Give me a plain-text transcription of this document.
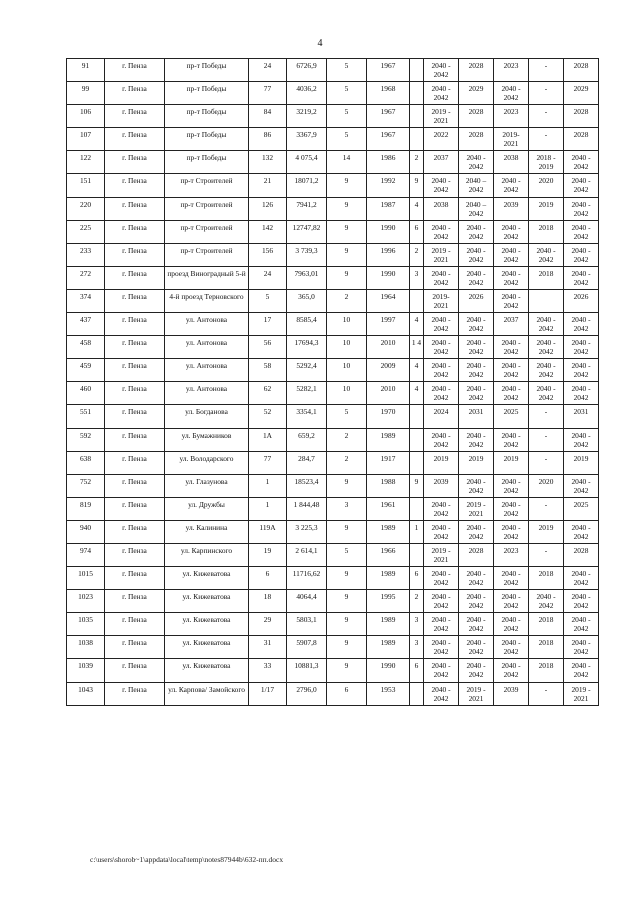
4
91	г. Пенза	пр-т Победы	24	6726,9	5	1967		2040 - 2042	2028	2023	-	2028
99	г. Пенза	пр-т Победы	77	4036,2	5	1968		2040 - 2042	2029	2040 - 2042	-	2029
106	г. Пенза	пр-т Победы	84	3219,2	5	1967		2019 - 2021	2028	2023	-	2028
107	г. Пенза	пр-т Победы	86	3367,9	5	1967		2022	2028	2019- 2021	-	2028
122	г. Пенза	пр-т Победы	132	4 075,4	14	1986	2	2037	2040 - 2042	2038	2018 - 2019	2040 - 2042
151	г. Пенза	пр-т Строителей	21	18071,2	9	1992	9	2040 - 2042	2040 – 2042	2040 - 2042	2020	2040 - 2042
220	г. Пенза	пр-т Строителей	126	7941,2	9	1987	4	2038	2040 – 2042	2039	2019	2040 - 2042
225	г. Пенза	пр-т Строителей	142	12747,82	9	1990	6	2040 - 2042	2040 - 2042	2040 - 2042	2018	2040 - 2042
233	г. Пенза	пр-т Строителей	156	3 739,3	9	1996	2	2019 - 2021	2040 - 2042	2040 - 2042	2040 - 2042	2040 - 2042
272	г. Пенза	проезд Виноградный 5-й	24	7963,01	9	1990	3	2040 - 2042	2040 - 2042	2040 - 2042	2018	2040 - 2042
374	г. Пенза	4-й проезд Терновского	5	365,0	2	1964		2019- 2021	2026	2040 - 2042		2026
437	г. Пенза	ул. Антонова	17	8585,4	10	1997	4	2040 - 2042	2040 - 2042	2037	2040 - 2042	2040 - 2042
458	г. Пенза	ул. Антонова	56	17694,3	10	2010	1 4	2040 - 2042	2040 - 2042	2040 - 2042	2040 - 2042	2040 - 2042
459	г. Пенза	ул. Антонова	58	5292,4	10	2009	4	2040 - 2042	2040 - 2042	2040 - 2042	2040 - 2042	2040 - 2042
460	г. Пенза	ул. Антонова	62	5282,1	10	2010	4	2040 - 2042	2040 - 2042	2040 - 2042	2040 - 2042	2040 - 2042
551	г. Пенза	ул. Богданова	52	3354,1	5	1970		2024	2031	2025	-	2031
592	г. Пенза	ул. Бумажников	1А	659,2	2	1989		2040 - 2042	2040 - 2042	2040 - 2042	-	2040 - 2042
638	г. Пенза	ул. Володарского	77	284,7	2	1917		2019	2019	2019	-	2019
752	г. Пенза	ул. Глазунова	1	18523,4	9	1988	9	2039	2040 - 2042	2040 - 2042	2020	2040 - 2042
819	г. Пенза	ул. Дружбы	1	1 844,48	3	1961		2040 - 2042	2019 - 2021	2040 - 2042	-	2025
940	г. Пенза	ул. Калинина	119А	3 225,3	9	1989	1	2040 - 2042	2040 - 2042	2040 - 2042	2019	2040 - 2042
974	г. Пенза	ул. Карпинского	19	2 614,1	5	1966		2019 - 2021	2028	2023	-	2028
1015	г. Пенза	ул. Кижеватова	6	11716,62	9	1989	6	2040 - 2042	2040 - 2042	2040 - 2042	2018	2040 - 2042
1023	г. Пенза	ул. Кижеватова	18	4064,4	9	1995	2	2040 - 2042	2040 - 2042	2040 - 2042	2040 - 2042	2040 - 2042
1035	г. Пенза	ул. Кижеватова	29	5803,1	9	1989	3	2040 - 2042	2040 - 2042	2040 - 2042	2018	2040 - 2042
1038	г. Пенза	ул. Кижеватова	31	5907,8	9	1989	3	2040 - 2042	2040 - 2042	2040 - 2042	2018	2040 - 2042
1039	г. Пенза	ул. Кижеватова	33	10881,3	9	1990	6	2040 - 2042	2040 - 2042	2040 - 2042	2018	2040 - 2042
1043	г. Пенза	ул. Карпова/ Замойского	1/17	2796,0	6	1953		2040 - 2042	2019 - 2021	2039	-	2019 - 2021
c:\users\shorob~1\appdata\local\temp\notes87944b\632-пп.docx
